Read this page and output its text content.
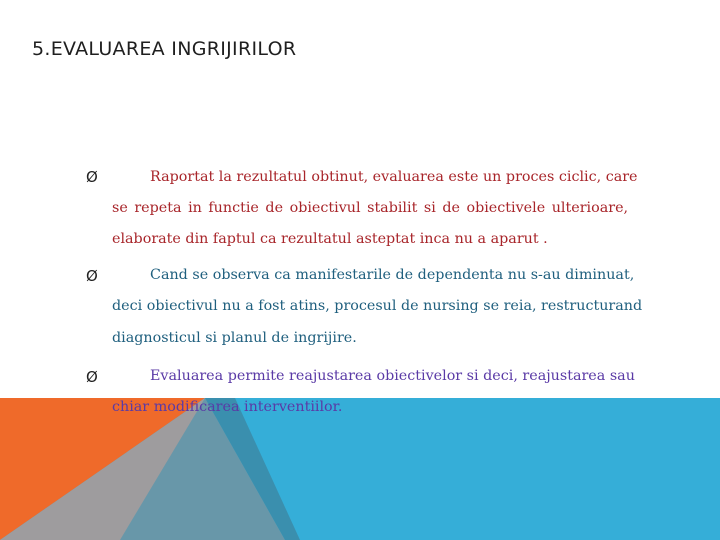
5.EVALUAREA INGRIJIRILOR
Ø	Raportat la rezultatul obtinut, evaluarea este un proces ciclic, care
se repeta in functie de obiectivul stabilit si de obiectivele ulterioare,
elaborate din faptul ca rezultatul asteptat inca nu a aparut .
Ø	Cand se observa ca manifestarile de dependenta nu s-au diminuat,
deci obiectivul nu a fost atins, procesul de nursing se reia, restructurand
diagnosticul si planul de ingrijire.
Ø	Evaluarea permite reajustarea obiectivelor si deci, reajustarea sau
chiar modificarea interventiilor.
